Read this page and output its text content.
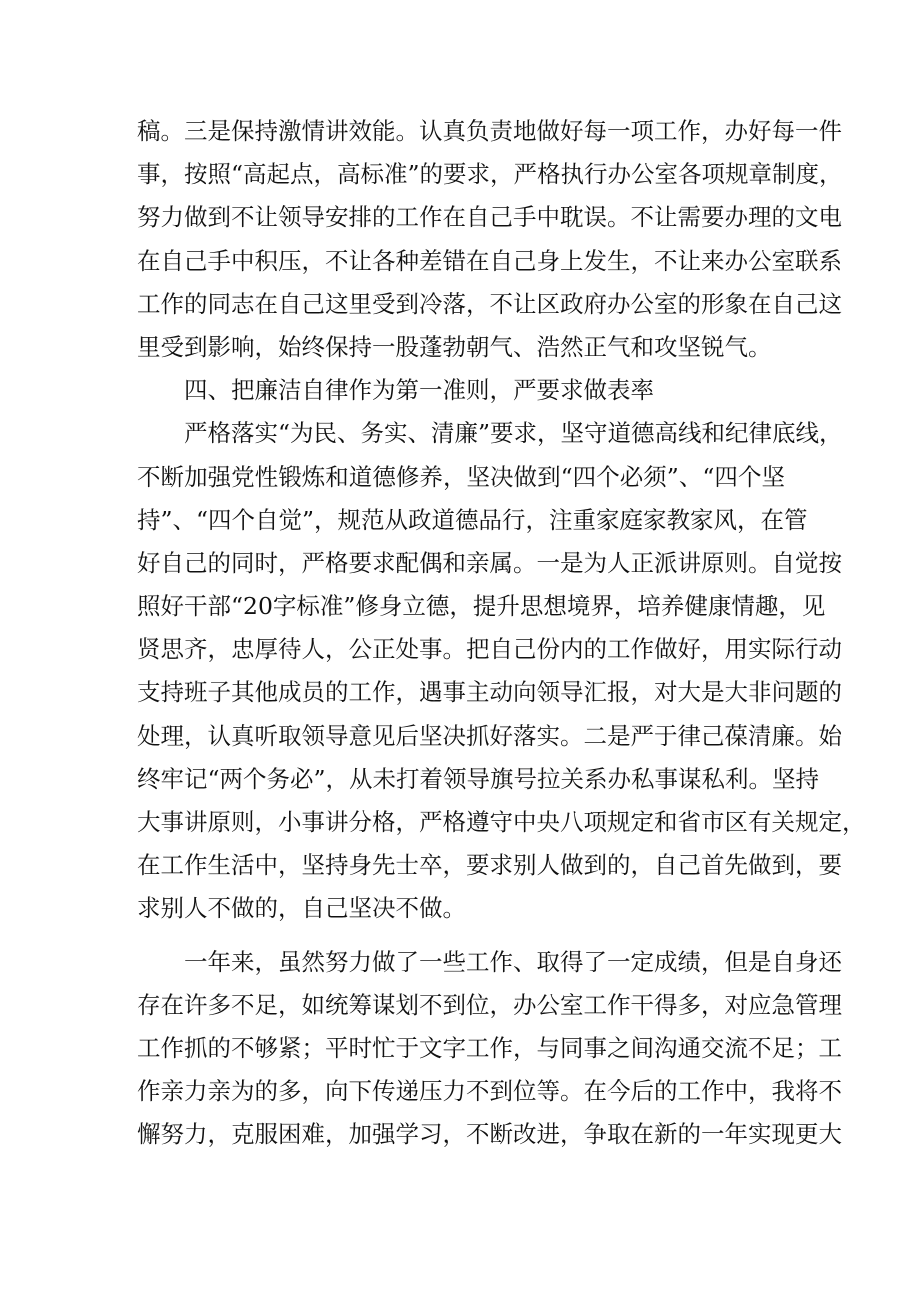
稿。三是保持激情讲效能。认真负责地做好每一项工作，办好每一件
事，按照“高起点，高标准”的要求，严格执行办公室各项规章制度，
努力做到不让领导安排的工作在自己手中耽误。不让需要办理的文电
在自己手中积压，不让各种差错在自己身上发生，不让来办公室联系
工作的同志在自己这里受到冷落，不让区政府办公室的形象在自己这
里受到影响，始终保持一股蓬勃朝气、浩然正气和攻坚锐气。
四、把廉洁自律作为第一准则，严要求做表率
严格落实“为民、务实、清廉”要求，坚守道德高线和纪律底线，
不断加强党性锻炼和道德修养，坚决做到“四个必须”、“四个坚
持”、“四个自觉”，规范从政道德品行，注重家庭家教家风，在管
好自己的同时，严格要求配偶和亲属。一是为人正派讲原则。自觉按
照好干部“20字标准”修身立德，提升思想境界，培养健康情趣，见
贤思齐，忠厚待人，公正处事。把自己份内的工作做好，用实际行动
支持班子其他成员的工作，遇事主动向领导汇报，对大是大非问题的
处理，认真听取领导意见后坚决抓好落实。二是严于律己葆清廉。始
终牢记“两个务必”，从未打着领导旗号拉关系办私事谋私利。坚持
大事讲原则，小事讲分格，严格遵守中央八项规定和省市区有关规定，
在工作生活中，坚持身先士卒，要求别人做到的，自己首先做到，要
求别人不做的，自己坚决不做。
一年来，虽然努力做了一些工作、取得了一定成绩，但是自身还
存在许多不足，如统筹谋划不到位，办公室工作干得多，对应急管理
工作抓的不够紧；平时忙于文字工作，与同事之间沟通交流不足；工
作亲力亲为的多，向下传递压力不到位等。在今后的工作中，我将不
懈努力，克服困难，加强学习，不断改进，争取在新的一年实现更大
